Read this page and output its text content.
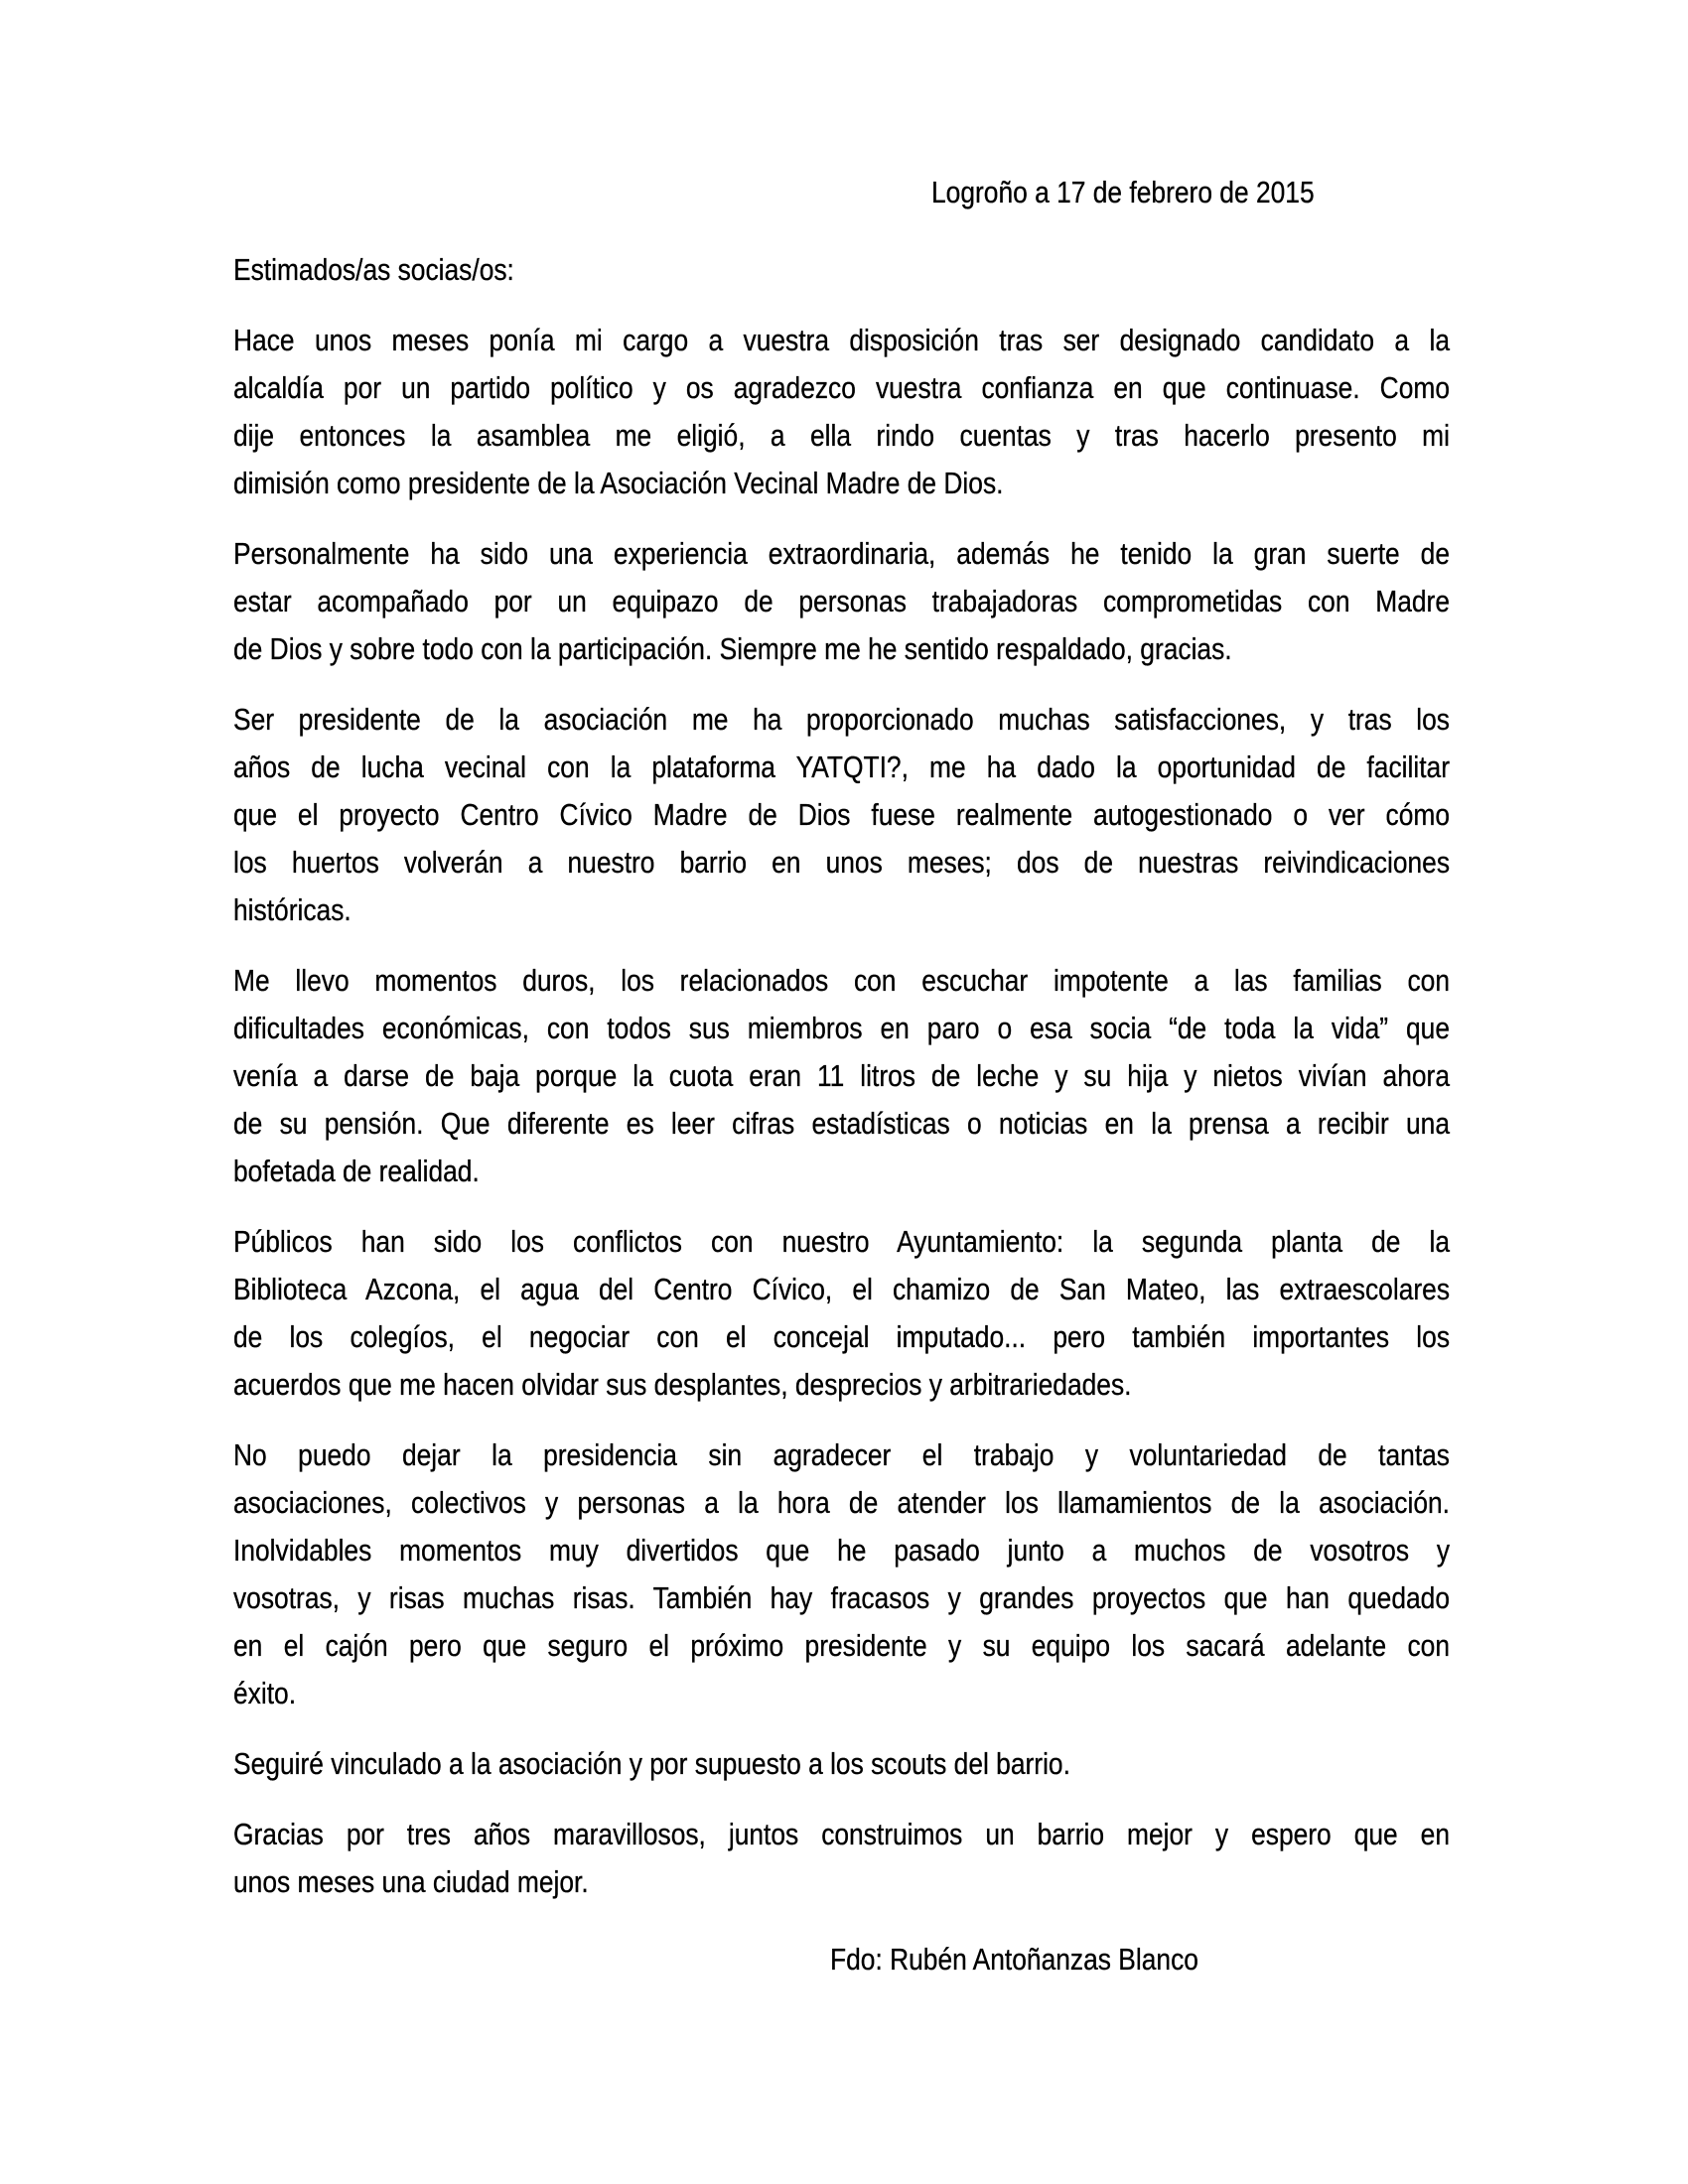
Logroño a 17 de febrero de 2015
Estimados/as socias/os:

Hace unos meses ponía mi cargo a vuestra disposición tras ser designado candidato a la
alcaldía por un partido político y os agradezco vuestra confianza en que continuase. Como
dije entonces la asamblea me eligió, a ella rindo cuentas y tras hacerlo presento mi
dimisión como presidente de la Asociación Vecinal Madre de Dios.

Personalmente ha sido una experiencia extraordinaria, además he tenido la gran suerte de
estar acompañado por un equipazo de personas trabajadoras comprometidas con Madre
de Dios y sobre todo con la participación. Siempre me he sentido respaldado, gracias.

Ser presidente de la asociación me ha proporcionado muchas satisfacciones, y tras los
años de lucha vecinal con la plataforma YATQTI?, me ha dado la oportunidad de facilitar
que el proyecto Centro Cívico Madre de Dios fuese realmente autogestionado o ver cómo
los huertos volverán a nuestro barrio en unos meses; dos de nuestras reivindicaciones
históricas.

Me llevo momentos duros, los relacionados con escuchar impotente a las familias con
dificultades económicas, con todos sus miembros en paro o esa socia “de toda la vida” que
venía a darse de baja porque la cuota eran 11 litros de leche y su hija y nietos vivían ahora
de su pensión. Que diferente es leer cifras estadísticas o noticias en la prensa a recibir una
bofetada de realidad.

Públicos han sido los conflictos con nuestro Ayuntamiento: la segunda planta de la
Biblioteca Azcona, el agua del Centro Cívico, el chamizo de San Mateo, las extraescolares
de los colegíos, el negociar con el concejal imputado... pero también importantes los
acuerdos que me hacen olvidar sus desplantes, desprecios y arbitrariedades.

No puedo dejar la presidencia sin agradecer el trabajo y voluntariedad de tantas
asociaciones, colectivos y personas a la hora de atender los llamamientos de la asociación.
Inolvidables momentos muy divertidos que he pasado junto a muchos de vosotros y
vosotras, y risas muchas risas. También hay fracasos y grandes proyectos que han quedado
en el cajón pero que seguro el próximo presidente y su equipo los sacará adelante con
éxito.

Seguiré vinculado a la asociación y por supuesto a los scouts del barrio.

Gracias por tres años maravillosos, juntos construimos un barrio mejor y espero que en
unos meses una ciudad mejor.

Fdo: Rubén Antoñanzas Blanco
